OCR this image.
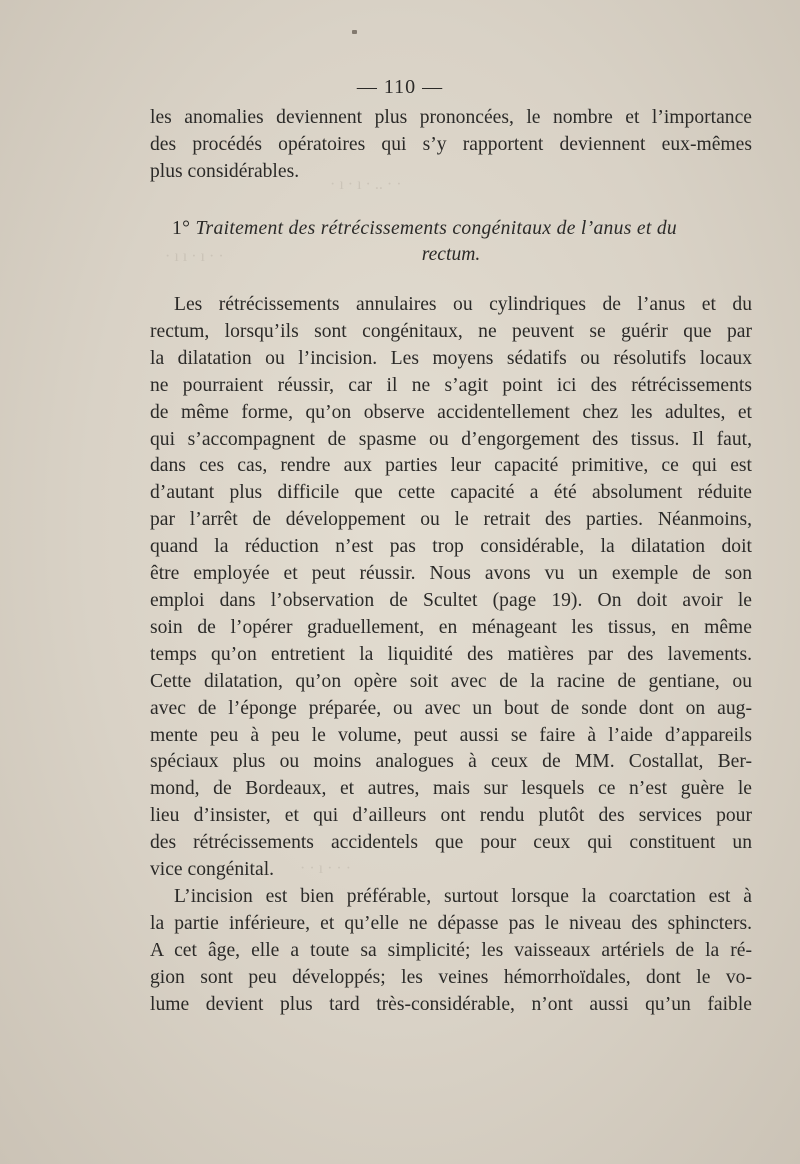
— 110 —
· ı · ı · .. · ·
· ı ı · ı · ·
· · ı · · ·
les anomalies deviennent plus prononcées, le nombre et l’importance
des procédés opératoires qui s’y rapportent deviennent eux-mêmes
plus considérables.
1° Traitement des rétrécissements congénitaux de l’anus et du
rectum.
Les rétrécissements annulaires ou cylindriques de l’anus et du
rectum, lorsqu’ils sont congénitaux, ne peuvent se guérir que par
la dilatation ou l’incision. Les moyens sédatifs ou résolutifs locaux
ne pourraient réussir, car il ne s’agit point ici des rétrécissements
de même forme, qu’on observe accidentellement chez les adultes, et
qui s’accompagnent de spasme ou d’engorgement des tissus. Il faut,
dans ces cas, rendre aux parties leur capacité primitive, ce qui est
d’autant plus difficile que cette capacité a été absolument réduite
par l’arrêt de développement ou le retrait des parties. Néanmoins,
quand la réduction n’est pas trop considérable, la dilatation doit
être employée et peut réussir. Nous avons vu un exemple de son
emploi dans l’observation de Scultet (page 19). On doit avoir le
soin de l’opérer graduellement, en ménageant les tissus, en même
temps qu’on entretient la liquidité des matières par des lavements.
Cette dilatation, qu’on opère soit avec de la racine de gentiane, ou
avec de l’éponge préparée, ou avec un bout de sonde dont on aug-
mente peu à peu le volume, peut aussi se faire à l’aide d’appareils
spéciaux plus ou moins analogues à ceux de MM. Costallat, Ber-
mond, de Bordeaux, et autres, mais sur lesquels ce n’est guère le
lieu d’insister, et qui d’ailleurs ont rendu plutôt des services pour
des rétrécissements accidentels que pour ceux qui constituent un
vice congénital.
L’incision est bien préférable, surtout lorsque la coarctation est à
la partie inférieure, et qu’elle ne dépasse pas le niveau des sphincters.
A cet âge, elle a toute sa simplicité; les vaisseaux artériels de la ré-
gion sont peu développés; les veines hémorrhoïdales, dont le vo-
lume devient plus tard très-considérable, n’ont aussi qu’un faible
